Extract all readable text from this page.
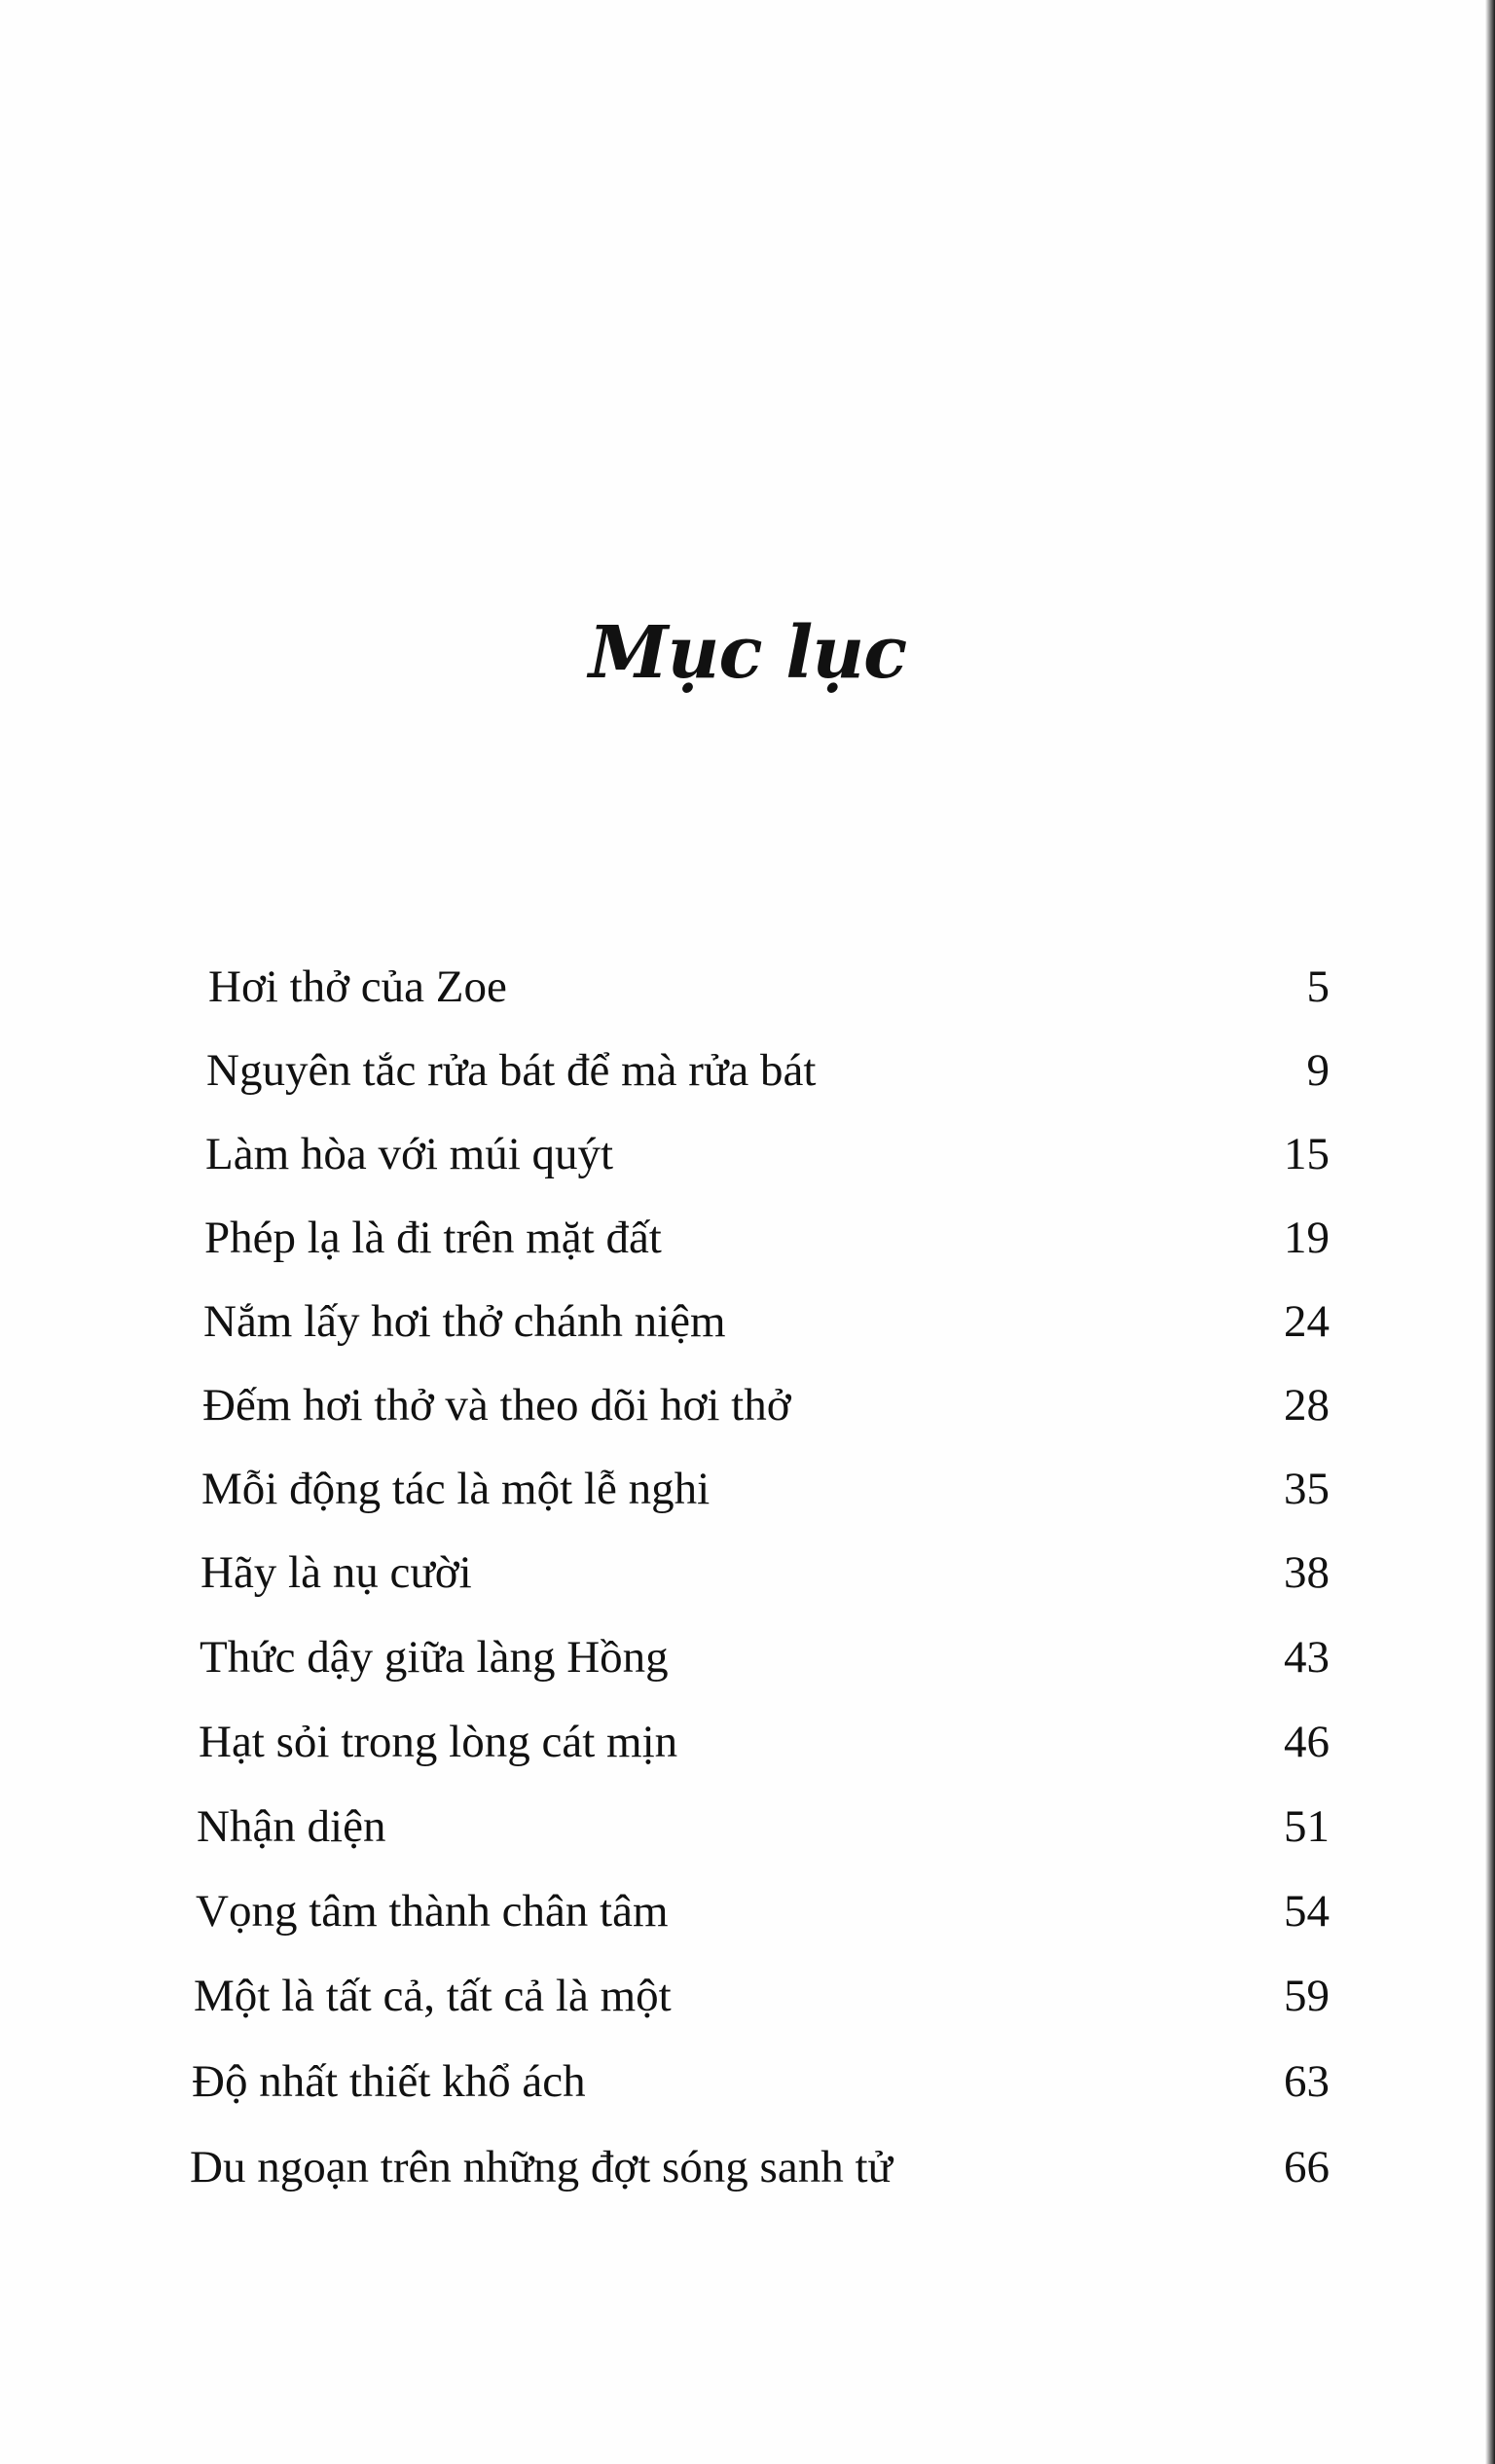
Mục lục
Hơi thở của Zoe	5
Nguyên tắc rửa bát để mà rửa bát	9
Làm hòa với múi quýt	15
Phép lạ là đi trên mặt đất	19
Nắm lấy hơi thở chánh niệm	24
Đếm hơi thở và theo dõi hơi thở	28
Mỗi động tác là một lễ nghi	35
Hãy là nụ cười	38
Thức dậy giữa làng Hồng	43
Hạt sỏi trong lòng cát mịn	46
Nhận diện	51
Vọng tâm thành chân tâm	54
Một là tất cả, tất cả là một	59
Độ nhất thiết khổ ách	63
Du ngoạn trên những đợt sóng sanh tử	66
